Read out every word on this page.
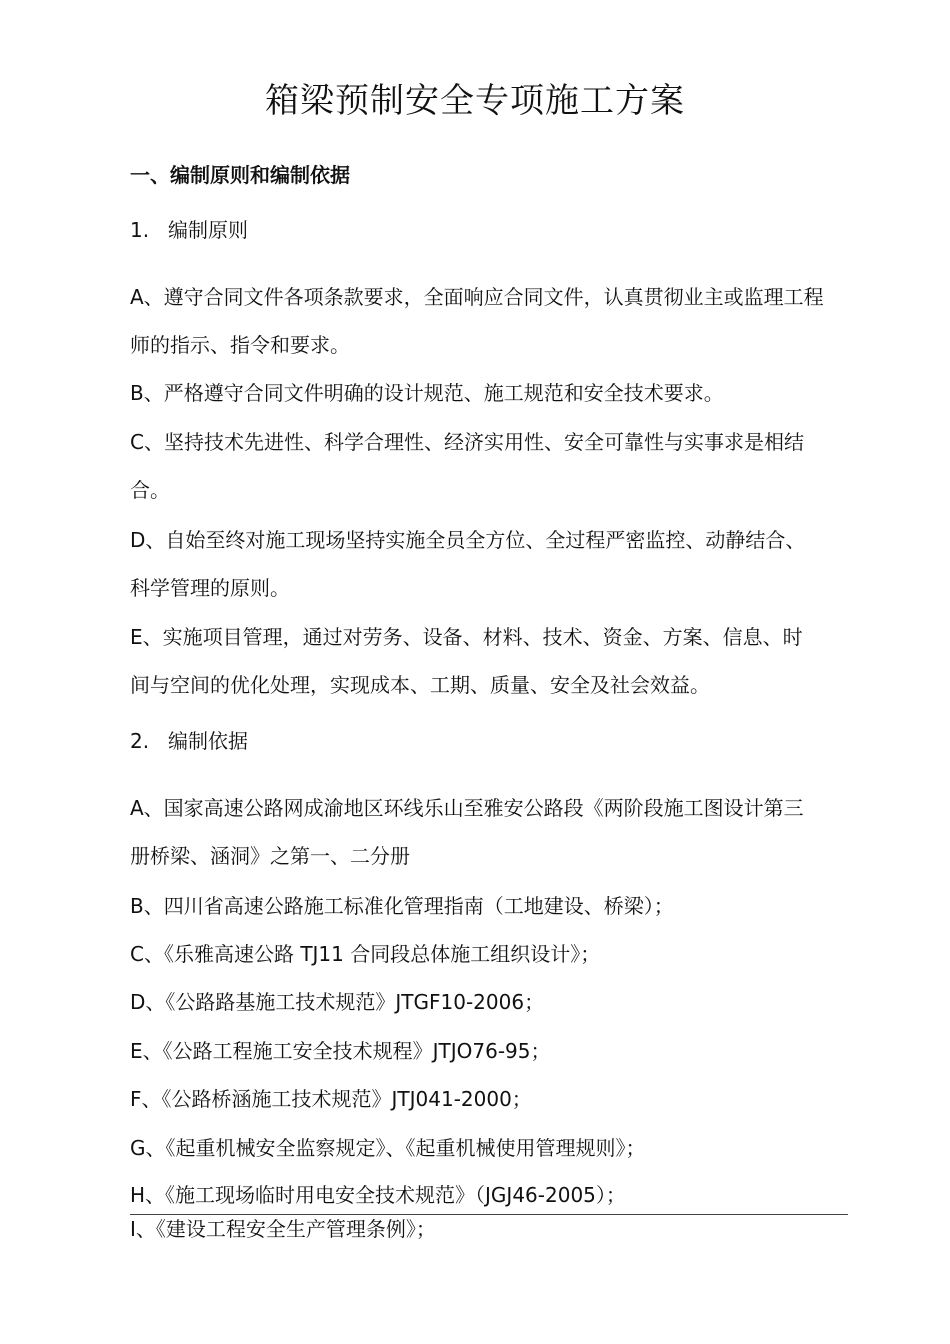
箱梁预制安全专项施工方案
一、编制原则和编制依据
1. 编制原则
A、遵守合同文件各项条款要求，全面响应合同文件，认真贯彻业主或监理工程
师的指示、指令和要求。
B、严格遵守合同文件明确的设计规范、施工规范和安全技术要求。
C、坚持技术先进性、科学合理性、经济实用性、安全可靠性与实事求是相结
合。
D、自始至终对施工现场坚持实施全员全方位、全过程严密监控、动静结合、
科学管理的原则。
E、实施项目管理，通过对劳务、设备、材料、技术、资金、方案、信息、时
间与空间的优化处理，实现成本、工期、质量、安全及社会效益。
2. 编制依据
A、国家高速公路网成渝地区环线乐山至雅安公路段《两阶段施工图设计第三
册桥梁、涵洞》之第一、二分册
B、四川省高速公路施工标准化管理指南（工地建设、桥梁）；
C、《乐雅高速公路 TJ11 合同段总体施工组织设计》；
D、《公路路基施工技术规范》JTGF10-2006；
E、《公路工程施工安全技术规程》JTJO76-95；
F、《公路桥涵施工技术规范》JTJ041-2000；
G、《起重机械安全监察规定》、《起重机械使用管理规则》；
H、《施工现场临时用电安全技术规范》（JGJ46-2005）；
I、《建设工程安全生产管理条例》；
